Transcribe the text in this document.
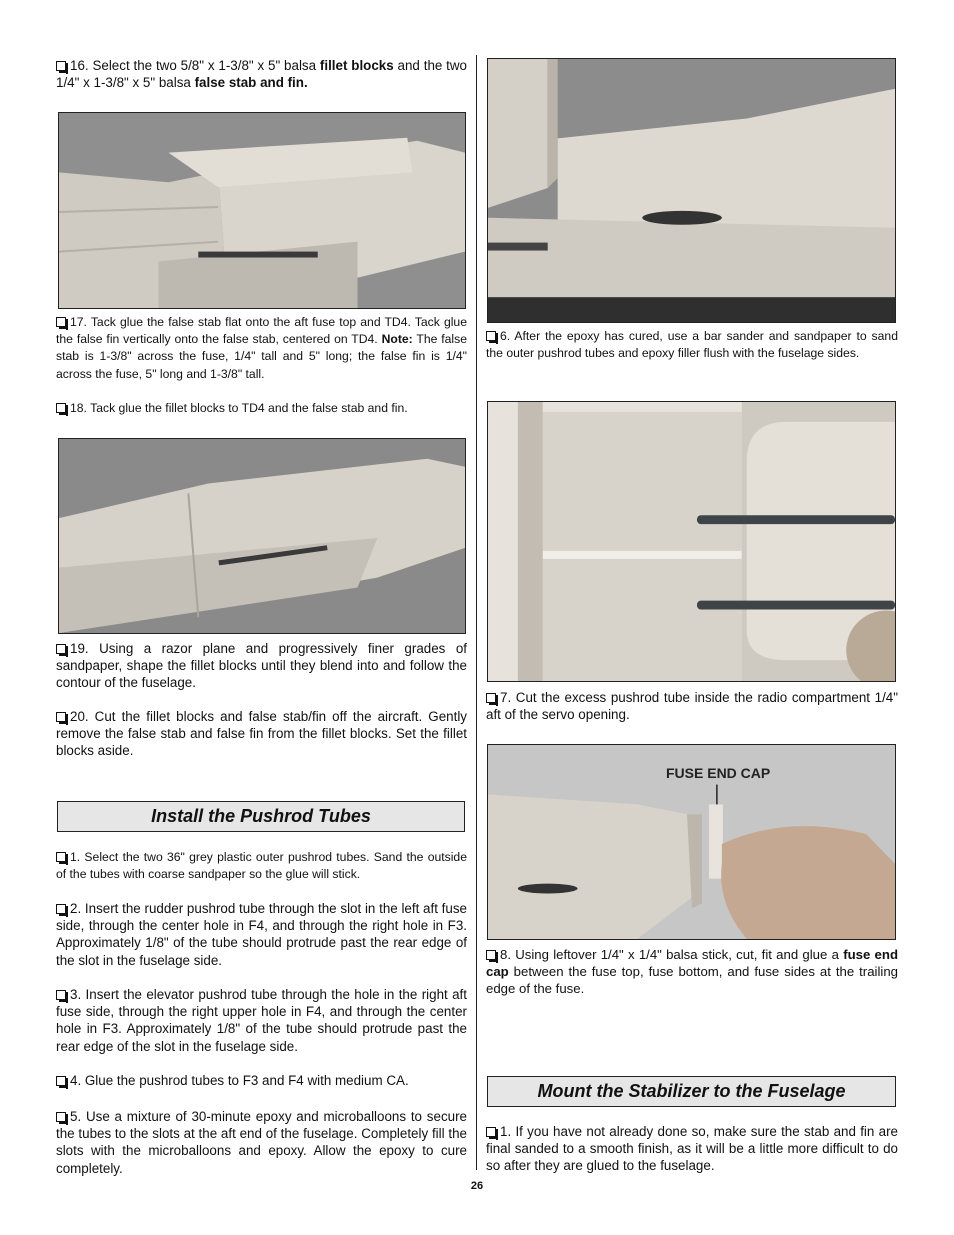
16. Select the two 5/8" x 1-3/8" x 5" balsa fillet blocks and the two 1/4" x 1-3/8" x 5" balsa false stab and fin.

17. Tack glue the false stab flat onto the aft fuse top and TD4. Tack glue the false fin vertically onto the false stab, centered on TD4. Note: The false stab is 1-3/8" across the fuse, 1/4" tall and 5" long; the false fin is 1/4" across the fuse, 5" long and 1-3/8" tall.

18. Tack glue the fillet blocks to TD4 and the false stab and fin.

19. Using a razor plane and progressively finer grades of sandpaper, shape the fillet blocks until they blend into and follow the contour of the fuselage.

20. Cut the fillet blocks and false stab/fin off the aircraft. Gently remove the false stab and false fin from the fillet blocks. Set the fillet blocks aside.

Install the Pushrod Tubes

1. Select the two 36" grey plastic outer pushrod tubes. Sand the outside of the tubes with coarse sandpaper so the glue will stick.

2. Insert the rudder pushrod tube through the slot in the left aft fuse side, through the center hole in F4, and through the right hole in F3. Approximately 1/8" of the tube should protrude past the rear edge of the slot in the fuselage side.

3. Insert the elevator pushrod tube through the hole in the right aft fuse side, through the right upper hole in F4, and through the center hole in F3. Approximately 1/8" of the tube should protrude past the rear edge of the slot in the fuselage side.

4. Glue the pushrod tubes to F3 and F4 with medium CA.

5. Use a mixture of 30-minute epoxy and microballoons to secure the tubes to the slots at the aft end of the fuselage. Completely fill the slots with the microballoons and epoxy. Allow the epoxy to cure completely.

6. After the epoxy has cured, use a bar sander and sandpaper to sand the outer pushrod tubes and epoxy filler flush with the fuselage sides.

7. Cut the excess pushrod tube inside the radio compartment 1/4" aft of the servo opening.

FUSE END CAP

8. Using leftover 1/4" x 1/4" balsa stick, cut, fit and glue a fuse end cap between the fuse top, fuse bottom, and fuse sides at the trailing edge of the fuse.

Mount the Stabilizer to the Fuselage

1. If you have not already done so, make sure the stab and fin are final sanded to a smooth finish, as it will be a little more difficult to do so after they are glued to the fuselage.

26
